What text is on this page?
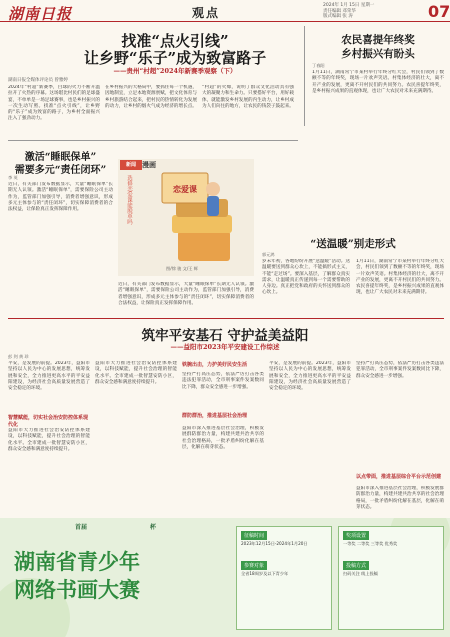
湖南日报	观点
2024年 1月 15日 星期一
责任编辑 邓荣华
版式编辑 张 涛	07
找准“点火引线”
让乡野“乐子”成为致富路子
——贵州“村超”2024年新赛季观察（下）
湖南日报全媒体评论员 曾雅婷
2024年“村超”新赛季，白球的火力不断升温拉开了火热的序幕。这场堪比村民们的足球盛宴，不单单是一场足球赛事，也是乡村振兴的一次生动写照。找准“点火引线”，让乡野的“乐子”成为致富的路子，为乡村全面振兴注入了强劲动力。
在乡村振兴的大格局中，要抓住每一个机遇，因地制宜，立足本地资源禀赋，把文化体育与乡村旅游结合起来，把村民的热情转化为发展的动力，让乡村的烟火气成为经济的增长点。
“村超”的火爆，说明了群众文化活动具有强大的凝聚力和生命力。只要搭好平台，用好载体，就能激发乡村发展的内生动力，让乡村成为人们向往的地方，让农民的钱袋子鼓起来。
农民喜提年终奖
乡村振兴有盼头
丁春阳
1月11日，湖南常宁市某村举行年终分红大会，村民们领到了数额不等的年终奖，现场一片欢声笑语。村集体经济的壮大，离不开产业的发展，更离不开村民们的共同努力。农民喜提年终奖，是乡村振兴成果的直观体现，也让广大农民对未来充满期待。
激活“睡眠保单”
需要多元“责任闭环”
李 英
近日，有关部门发布数据显示，大量“睡眠保单”长期无人认领。激活“睡眠保单”，需要保险公司主动作为，监管部门加强引导，消费者增强意识，形成多元主体参与的“责任闭环”，切实保障消费者的合法权益，让保险真正发挥保障作用。
恋爱课
新闻 漫画
选修恋爱课能脱单吗
图/徐 骏 文/王 辉
近日，有关部门发布数据显示，大量“睡眠保单”长期无人认领。激活“睡眠保单”，需要保险公司主动作为，监管部门加强引导，消费者增强意识，形成多元主体参与的“责任闭环”，切实保障消费者的合法权益，让保险真正发挥保障作用。
“送温暖”别走形式
郭元鸿
岁末年初，各地纷纷开展“送温暖”活动。送温暖要送到群众心坎上，不能搞形式主义，不能“走过场”。要深入基层，了解群众真实需求，让温暖真正传递到每一个需要帮助的人身边。真正把党和政府的关怀送到群众的心坎上。
1月11日，湖南常宁市某村举行年终分红大会，村民们领到了数额不等的年终奖，现场一片欢声笑语。村集体经济的壮大，离不开产业的发展，更离不开村民们的共同努力。农民喜提年终奖，是乡村振兴成果的直观体现，也让广大农民对未来充满期待。
筑牢平安基石 守护益美益阳
——益阳市2023年平安建设工作综述
彭 剑 黄 珍
平安，是发展的前提。2023年，益阳市坚持以人民为中心的发展思想，统筹发展和安全，全力推进更高水平的平安益阳建设，为经济社会高质量发展营造了安全稳定的环境。
智慧赋能，切实社会治安防控体系现代化
益阳市大力推进社会治安防控体系建设，以科技赋能，提升社会治理的智能化水平。全市建成一批智慧安防小区，群众安全感和满意度持续提升。
益阳市大力推进社会治安防控体系建设，以科技赋能，提升社会治理的智能化水平。全市建成一批智慧安防小区，群众安全感和满意度持续提升。
铁腕出击，力护美好民安生活
坚持严打高压态势，依法严厉打击各类违法犯罪活动，全市刑事案件发案数同比下降，群众安全感进一步增强。
群防群治，推进基层社会治理
益阳市深入推进基层社会治理，积极发展群防群治力量，构建共建共治共享的社会治理格局，一批矛盾纠纷化解在基层，化解在萌芽状态。
平安，是发展的前提。2023年，益阳市坚持以人民为中心的发展思想，统筹发展和安全，全力推进更高水平的平安益阳建设，为经济社会高质量发展营造了安全稳定的环境。
坚持严打高压态势，依法严厉打击各类违法犯罪活动，全市刑事案件发案数同比下降，群众安全感进一步增强。
以点带面，推进基层综合平台示范创建
益阳市深入推进基层社会治理，积极发展群防群治力量，构建共建共治共享的社会治理格局，一批矛盾纠纷化解在基层，化解在萌芽状态。
首届	杯
湖南省青少年
网络书画大赛
征稿时间
2023年12月15日-2024年1月20日
参赛对象
全省18周岁及以下青少年
奖项设置
一等奖 二等奖 三等奖 优秀奖
投稿方式
扫码关注 线上投稿
